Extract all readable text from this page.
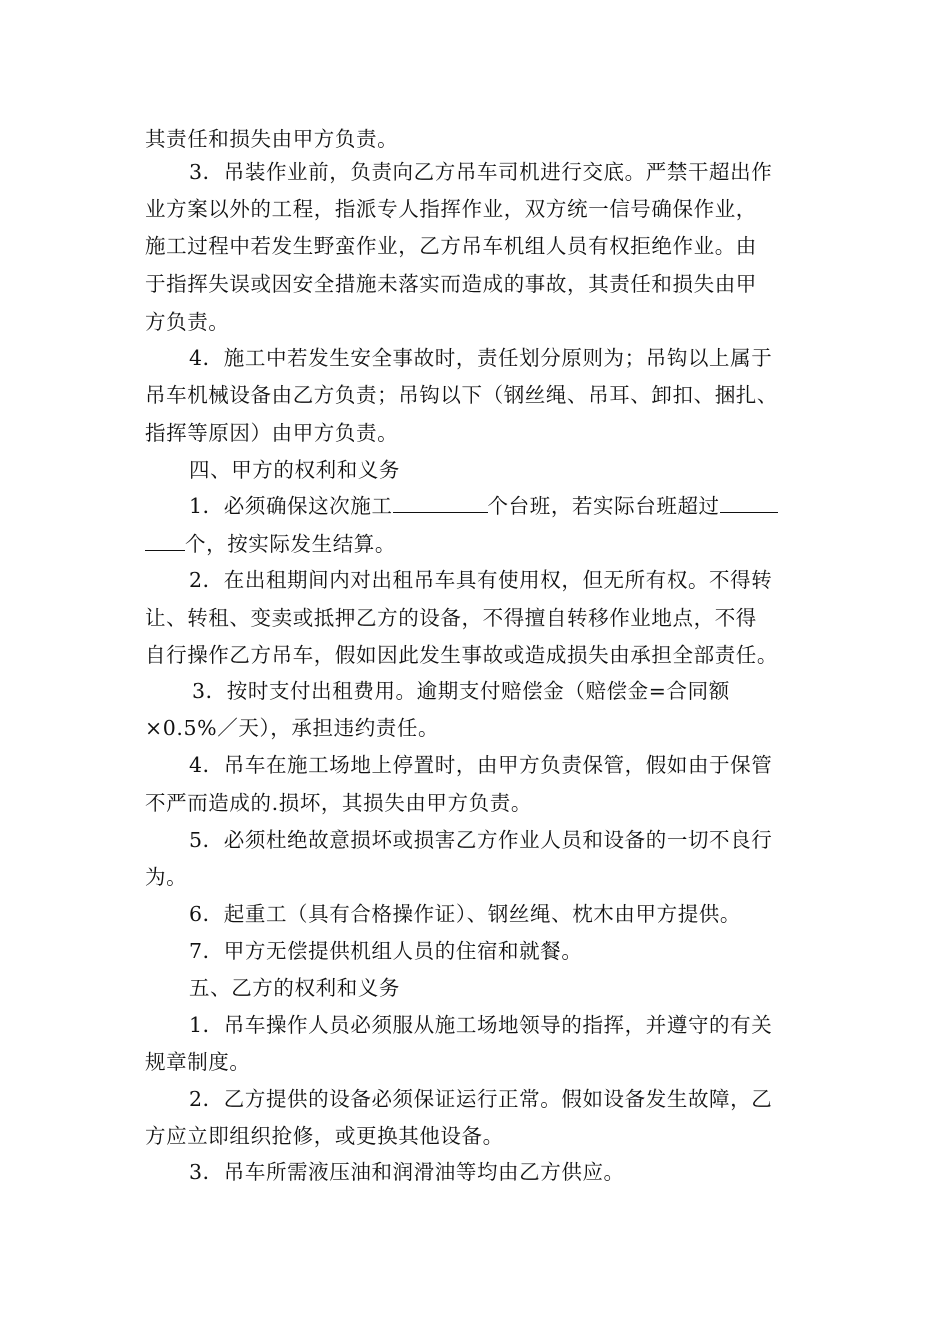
其责任和损失由甲方负责。
3．吊装作业前，负责向乙方吊车司机进行交底。严禁干超出作
业方案以外的工程，指派专人指挥作业，双方统一信号确保作业，
施工过程中若发生野蛮作业，乙方吊车机组人员有权拒绝作业。由
于指挥失误或因安全措施未落实而造成的事故，其责任和损失由甲
方负责。
4．施工中若发生安全事故时，责任划分原则为；吊钩以上属于
吊车机械设备由乙方负责；吊钩以下（钢丝绳、吊耳、卸扣、捆扎、
指挥等原因）由甲方负责。
四、甲方的权利和义务
1．必须确保这次施工	个台班，若实际台班超过
个，按实际发生结算。
2．在出租期间内对出租吊车具有使用权，但无所有权。不得转
让、转租、变卖或抵押乙方的设备，不得擅自转移作业地点，不得
自行操作乙方吊车，假如因此发生事故或造成损失由承担全部责任。
3．按时支付出租费用。逾期支付赔偿金（赔偿金=合同额
×0.5%／天），承担违约责任。
4．吊车在施工场地上停置时，由甲方负责保管，假如由于保管
不严而造成的.损坏，其损失由甲方负责。
5．必须杜绝故意损坏或损害乙方作业人员和设备的一切不良行
为。
6．起重工（具有合格操作证）、钢丝绳、枕木由甲方提供。
7．甲方无偿提供机组人员的住宿和就餐。
五、乙方的权利和义务
1．吊车操作人员必须服从施工场地领导的指挥，并遵守的有关
规章制度。
2．乙方提供的设备必须保证运行正常。假如设备发生故障，乙
方应立即组织抢修，或更换其他设备。
3．吊车所需液压油和润滑油等均由乙方供应。
